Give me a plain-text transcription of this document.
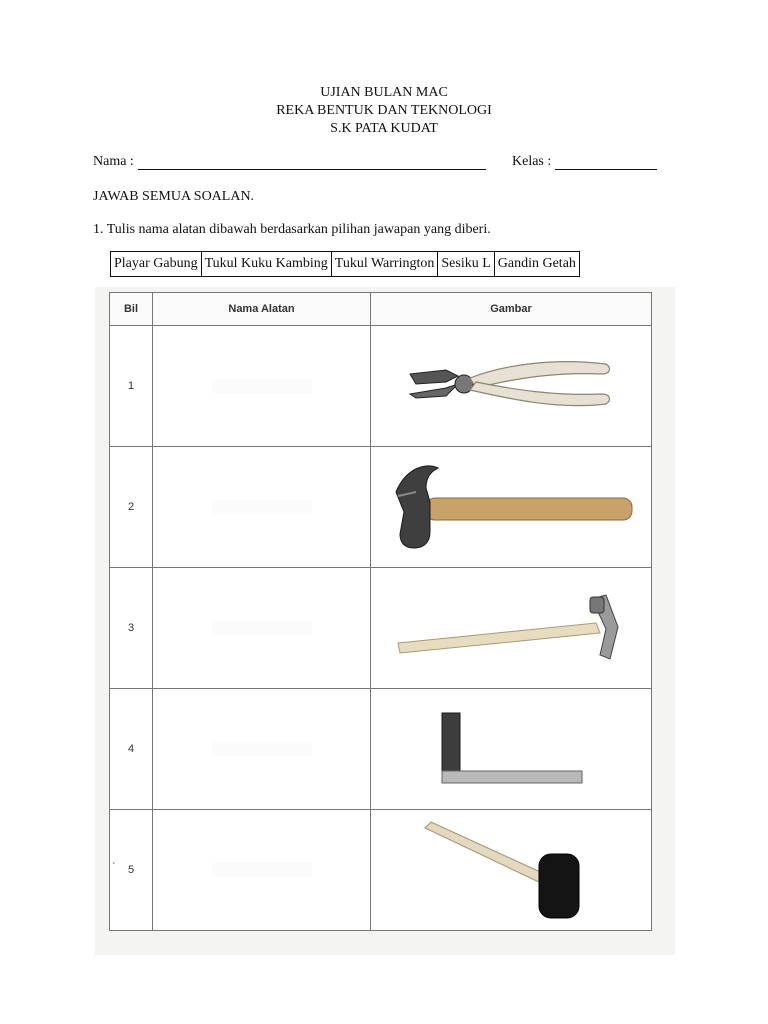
UJIAN BULAN MAC
REKA BENTUK DAN TEKNOLOGI
S.K PATA KUDAT
Nama :	Kelas :
JAWAB SEMUA SOALAN.
1. Tulis nama alatan dibawah berdasarkan pilihan jawapan yang diberi.
Playar Gabung	Tukul Kuku Kambing	Tukul Warrington	Sesiku L	Gandin Getah
Bil	Nama Alatan	Gambar
1	

2	

3	

4	

5	

`
